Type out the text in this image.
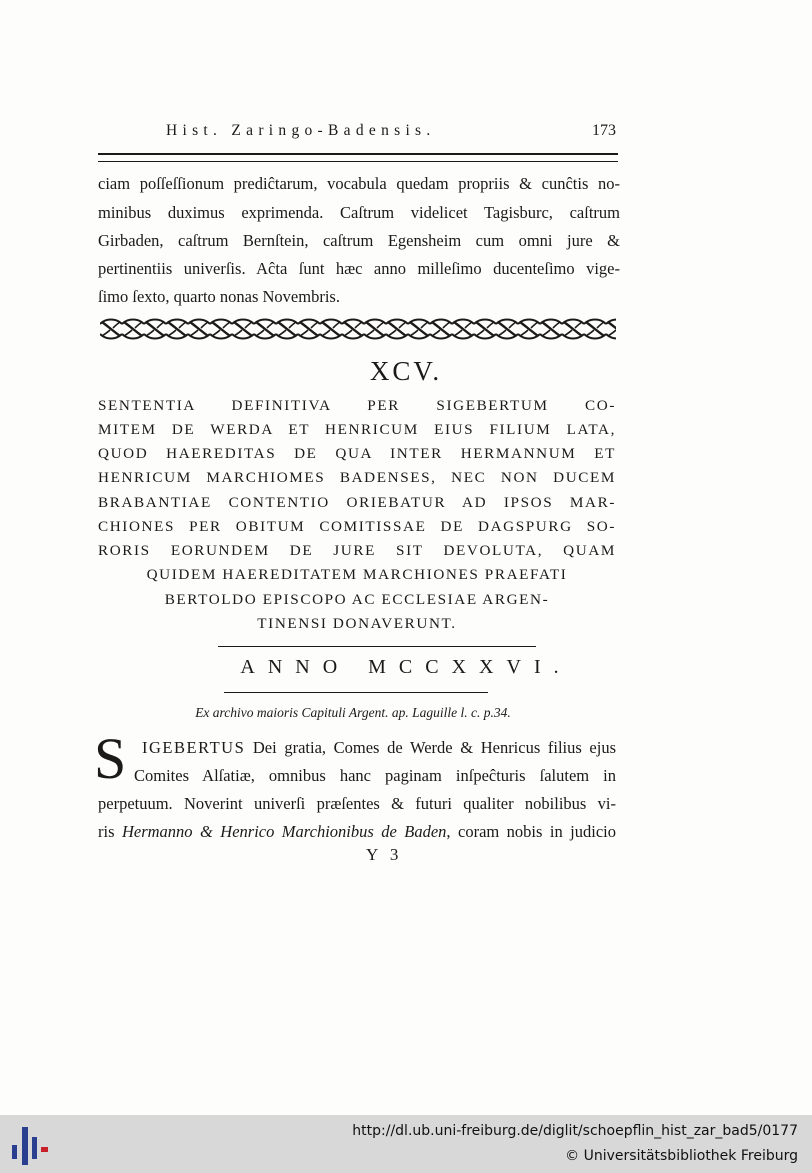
Hist. Zaringo-Badensis.	173
ciam poſſeſſionum prediĉtarum, vocabula quedam propriis & cunĉtis no-
minibus duximus exprimenda. Caſtrum videlicet Tagisburc, caſtrum
Girbaden, caſtrum Bernſtein, caſtrum Egensheim cum omni jure &
pertinentiis univerſis. Aĉta ſunt hæc anno milleſimo ducenteſimo vige-
ſimo ſexto, quarto nonas Novembris.
XCV.
SENTENTIA DEFINITIVA PER SIGEBERTUM CO-
MITEM DE WERDA ET HENRICUM EIUS FILIUM LATA,
QUOD HAEREDITAS DE QUA INTER HERMANNUM ET
HENRICUM MARCHIOMES BADENSES, NEC NON DUCEM
BRABANTIAE CONTENTIO ORIEBATUR AD IPSOS MAR-
CHIONES PER OBITUM COMITISSAE DE DAGSPURG SO-
RORIS EORUNDEM DE JURE SIT DEVOLUTA, QUAM
QUIDEM HAEREDITATEM MARCHIONES PRAEFATI
BERTOLDO EPISCOPO AC ECCLESIAE ARGEN-
TINENSI DONAVERUNT.
ANNO MCCXXVI.
Ex archivo maioris Capituli Argent. ap. Laguille l. c. p.34.
S IGEBERTUS Dei gratia, Comes de Werde & Henricus filius ejus
Comites Alſatiæ, omnibus hanc paginam inſpeĉturis ſalutem in
perpetuum. Noverint univerſi præſentes & futuri qualiter nobilibus vi-
ris Hermanno & Henrico Marchionibus de Baden, coram nobis in judicio
Y 3
http://dl.ub.uni-freiburg.de/diglit/schoepflin_hist_zar_bad5/0177
© Universitätsbibliothek Freiburg
